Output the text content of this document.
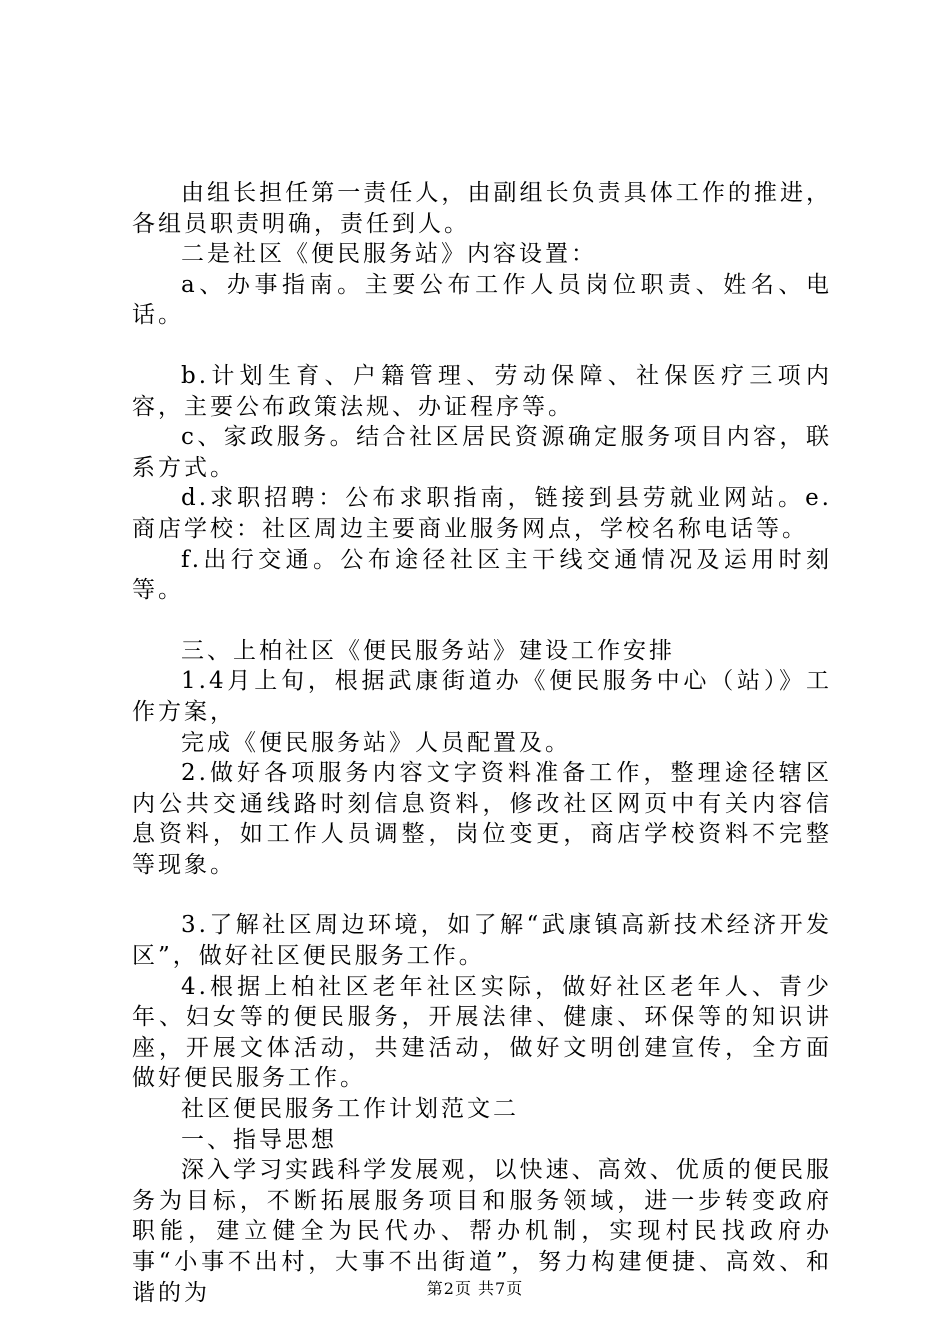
由组长担任第一责任人，由副组长负责具体工作的推进，各组员职责明确，责任到人。

二是社区《便民服务站》内容设置：

a、办事指南。主要公布工作人员岗位职责、姓名、电话。

b.计划生育、户籍管理、劳动保障、社保医疗三项内容，主要公布政策法规、办证程序等。

c、家政服务。结合社区居民资源确定服务项目内容，联系方式。

d.求职招聘：公布求职指南，链接到县劳就业网站。e.商店学校：社区周边主要商业服务网点，学校名称电话等。

f.出行交通。公布途径社区主干线交通情况及运用时刻等。

三、上柏社区《便民服务站》建设工作安排

1.4月上旬，根据武康街道办《便民服务中心（站）》工作方案，

完成《便民服务站》人员配置及。

2.做好各项服务内容文字资料准备工作，整理途径辖区内公共交通线路时刻信息资料，修改社区网页中有关内容信息资料，如工作人员调整，岗位变更，商店学校资料不完整等现象。

3.了解社区周边环境，如了解“武康镇高新技术经济开发区”，做好社区便民服务工作。

4.根据上柏社区老年社区实际，做好社区老年人、青少年、妇女等的便民服务，开展法律、健康、环保等的知识讲座，开展文体活动，共建活动，做好文明创建宣传，全方面做好便民服务工作。

社区便民服务工作计划范文二

一、指导思想

深入学习实践科学发展观，以快速、高效、优质的便民服务为目标，不断拓展服务项目和服务领域，进一步转变政府职能，建立健全为民代办、帮办机制，实现村民找政府办事“小事不出村，大事不出街道”，努力构建便捷、高效、和谐的为	第2页 共7页
